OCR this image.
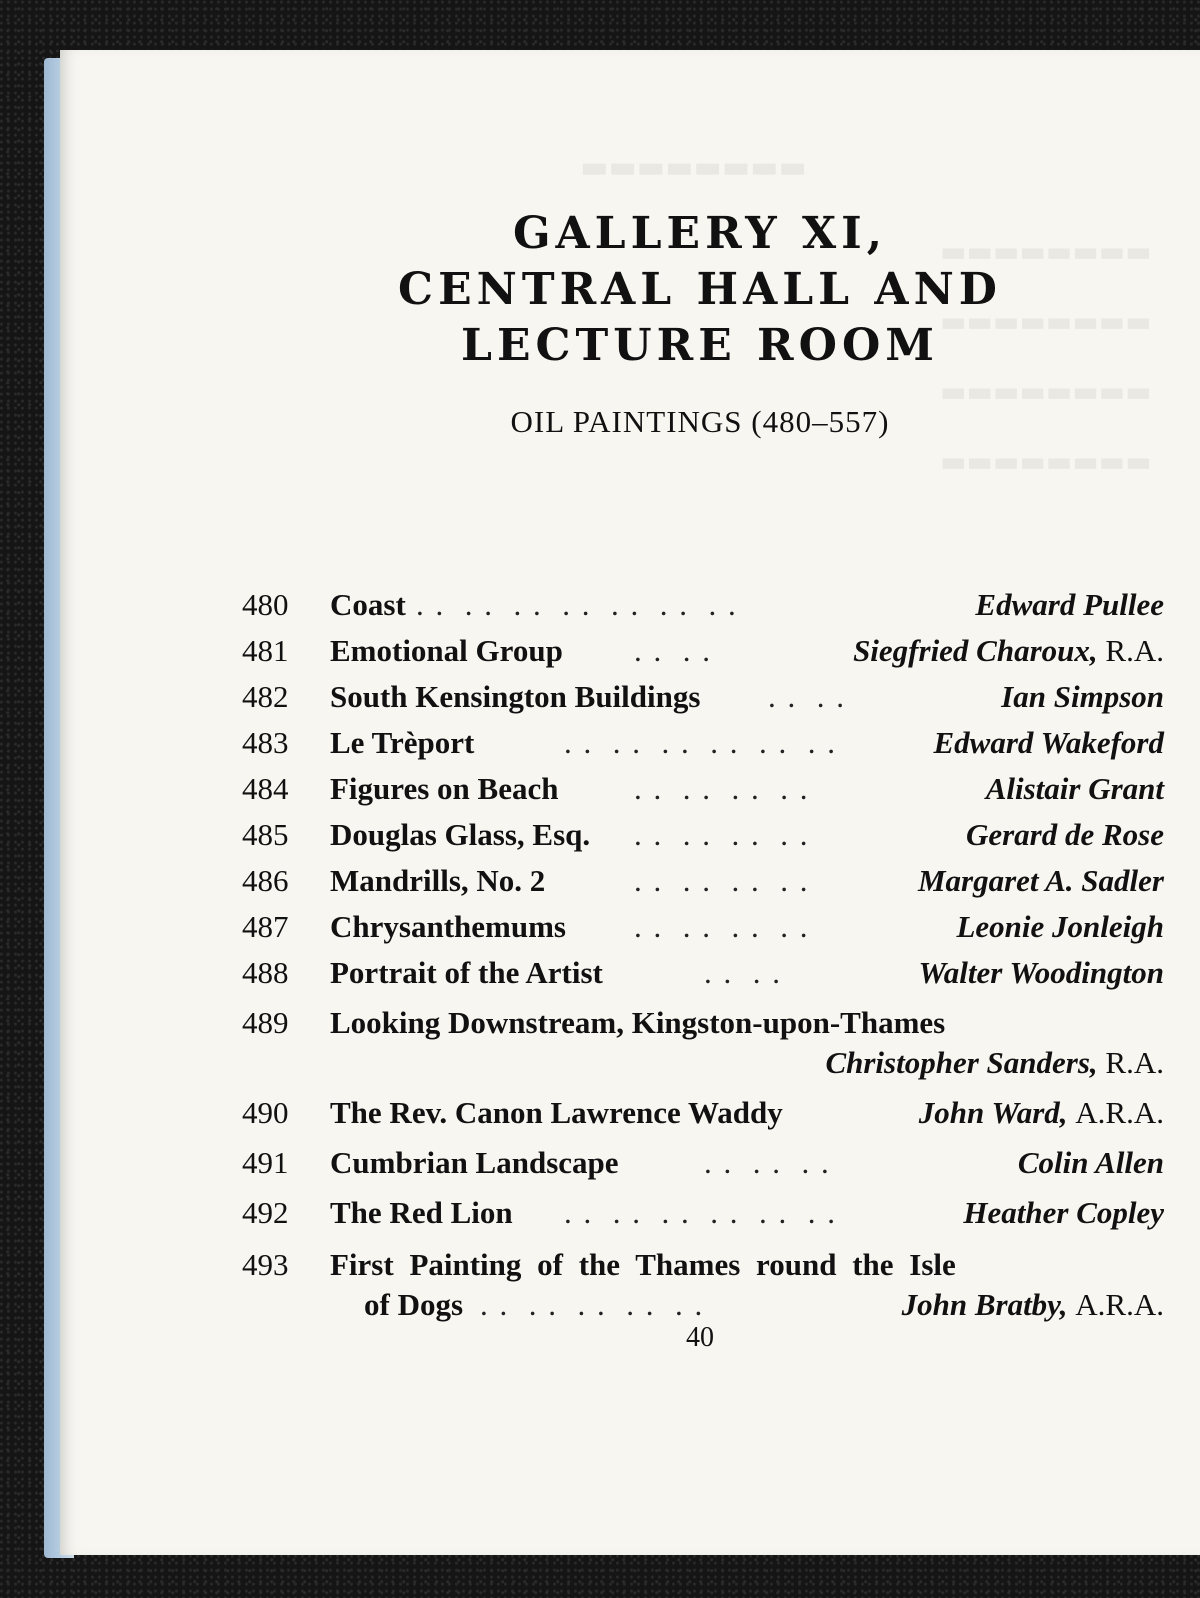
▬▬▬▬▬▬▬▬
▬▬▬▬▬▬▬▬
▬▬▬▬▬▬▬▬
▬▬▬▬▬▬▬▬
▬▬▬▬▬▬▬▬
GALLERY XI,
CENTRAL HALL AND
LECTURE ROOM
OIL PAINTINGS (480–557)
480	Coast . .  . .  . .  . .  . .  . .  . .	Edward Pullee
481	Emotional Group . .  . .	Siegfried Charoux, R.A.
482	South Kensington Buildings . .  . .	Ian Simpson
483	Le Trèport	. .  . .  . .  . .  . .  . .	Edward Wakeford
484	Figures on Beach . .  . .  . .  . .	Alistair Grant
485	Douglas Glass, Esq. . .  . .  . .  . .	Gerard de Rose
486	Mandrills, No. 2	. .  . .  . .  . .	Margaret A. Sadler
487	Chrysanthemums . .  . .  . .  . .	Leonie Jonleigh
488	Portrait of the Artist	. .  . .	Walter Woodington
489	Looking Downstream, Kingston-upon-Thames
Christopher Sanders, R.A.
490	The Rev. Canon Lawrence Waddy	John Ward, A.R.A.
491	Cumbrian Landscape	. .  . .  . .	Colin Allen
492	The Red Lion . .  . .  . .  . .  . .  . .	Heather Copley
493	First Painting of the Thames round the Isle
of Dogs . .  . .  . .  . .  . .	John Bratby, A.R.A.
40
